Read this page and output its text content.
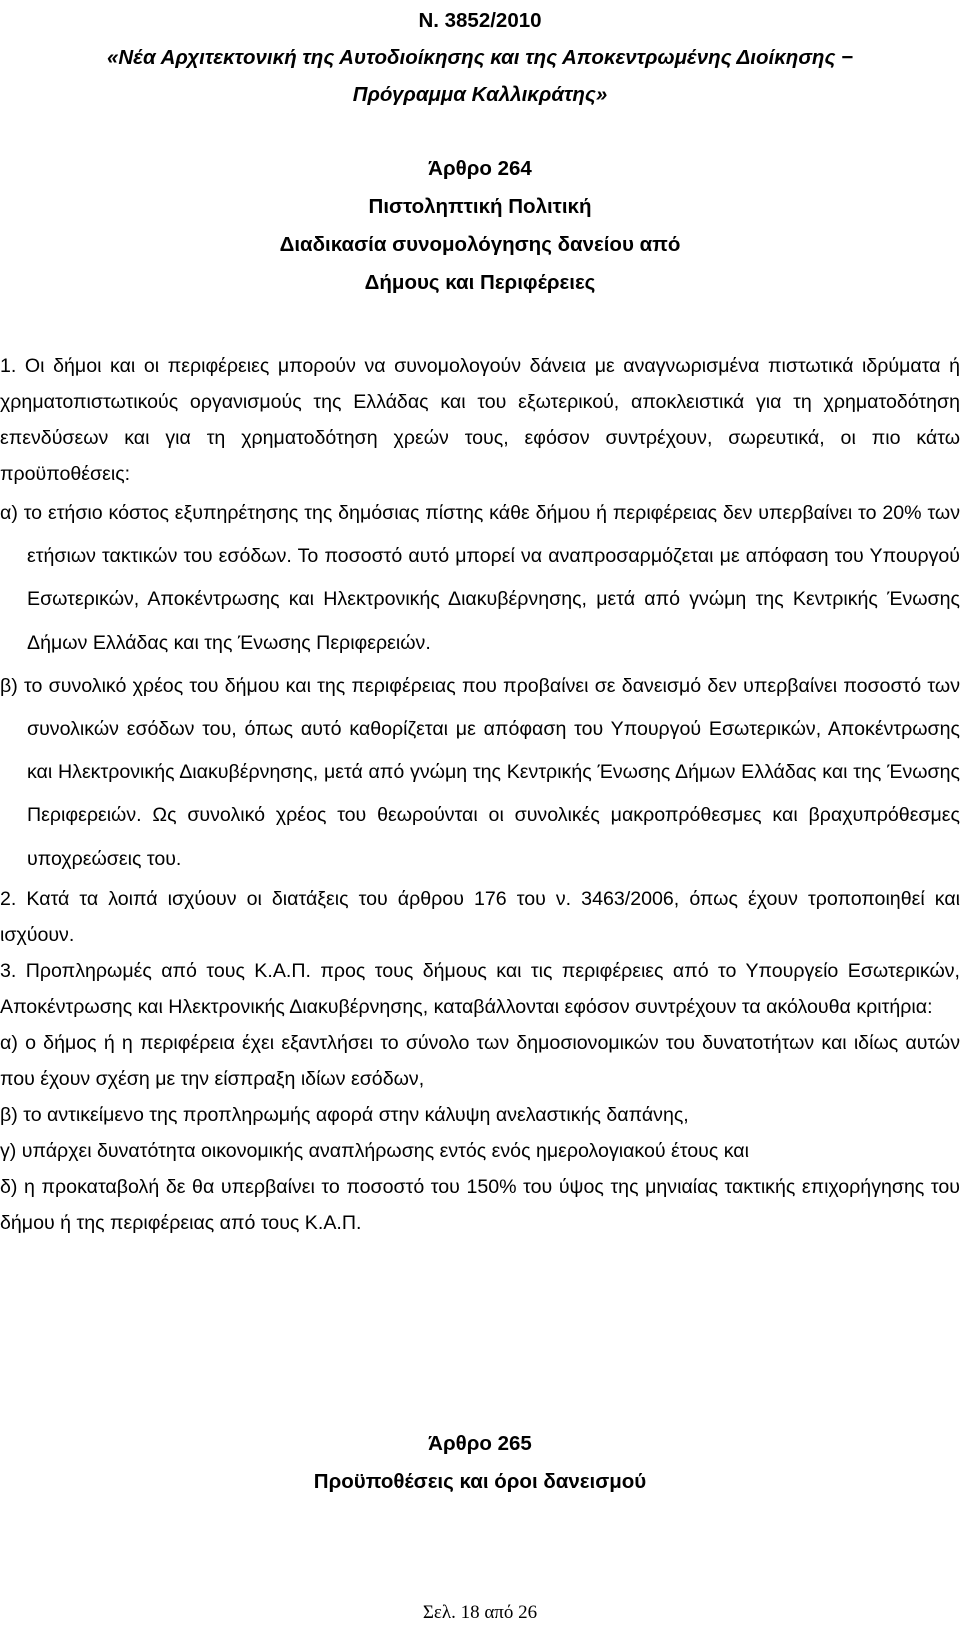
Ν. 3852/2010
«Νέα Αρχιτεκτονική της Αυτοδιοίκησης και της Αποκεντρωμένης Διοίκησης −
Πρόγραμμα Καλλικράτης»
Άρθρο 264
Πιστοληπτική Πολιτική
Διαδικασία συνομολόγησης δανείου από
Δήμους και Περιφέρειες

1. Οι δήμοι και οι περιφέρειες μπορούν να συνομολογούν δάνεια με αναγνωρισμένα πιστωτικά ιδρύματα ή χρηματοπιστωτικούς οργανισμούς της Ελλάδας και του εξωτερικού, αποκλειστικά για τη χρηματοδότηση επενδύσεων και για τη χρηματοδότηση χρεών τους, εφόσον συντρέχουν, σωρευτικά, οι πιο κάτω προϋποθέσεις:

α) το ετήσιο κόστος εξυπηρέτησης της δημόσιας πίστης κάθε δήμου ή περιφέρειας δεν υπερβαίνει το 20% των ετήσιων τακτικών του εσόδων. Το ποσοστό αυτό μπορεί να αναπροσαρμόζεται με απόφαση του Υπουργού Εσωτερικών, Αποκέντρωσης και Ηλεκτρονικής Διακυβέρνησης, μετά από γνώμη της Κεντρικής Ένωσης Δήμων Ελλάδας και της Ένωσης Περιφερειών.

β) το συνολικό χρέος του δήμου και της περιφέρειας που προβαίνει σε δανεισμό δεν υπερβαίνει ποσοστό των συνολικών εσόδων του, όπως αυτό καθορίζεται με απόφαση του Υπουργού Εσωτερικών, Αποκέντρωσης και Ηλεκτρονικής Διακυβέρνησης, μετά από γνώμη της Κεντρικής Ένωσης Δήμων Ελλάδας και της Ένωσης Περιφερειών. Ως συνολικό χρέος του θεωρούνται οι συνολικές μακροπρόθεσμες και βραχυπρόθεσμες υποχρεώσεις του.

2. Κατά τα λοιπά ισχύουν οι διατάξεις του άρθρου 176 του ν. 3463/2006, όπως έχουν τροποποιηθεί και ισχύουν.

3. Προπληρωμές από τους Κ.Α.Π. προς τους δήμους και τις περιφέρειες από το Υπουργείο Εσωτερικών, Αποκέντρωσης και Ηλεκτρονικής Διακυβέρνησης, καταβάλλονται εφόσον συντρέχουν τα ακόλουθα κριτήρια:

α) ο δήμος ή η περιφέρεια έχει εξαντλήσει το σύνολο των δημοσιονομικών του δυνατοτήτων και ιδίως αυτών που έχουν σχέση με την είσπραξη ιδίων εσόδων,

β) το αντικείμενο της προπληρωμής αφορά στην κάλυψη ανελαστικής δαπάνης,

γ) υπάρχει δυνατότητα οικονομικής αναπλήρωσης εντός ενός ημερολογιακού έτους και

δ) η προκαταβολή δε θα υπερβαίνει το ποσοστό του 150% του ύψος της μηνιαίας τακτικής επιχορήγησης του δήμου ή της περιφέρειας από τους Κ.Α.Π.

Άρθρο 265
Προϋποθέσεις και όροι δανεισμού
Σελ. 18 από 26
